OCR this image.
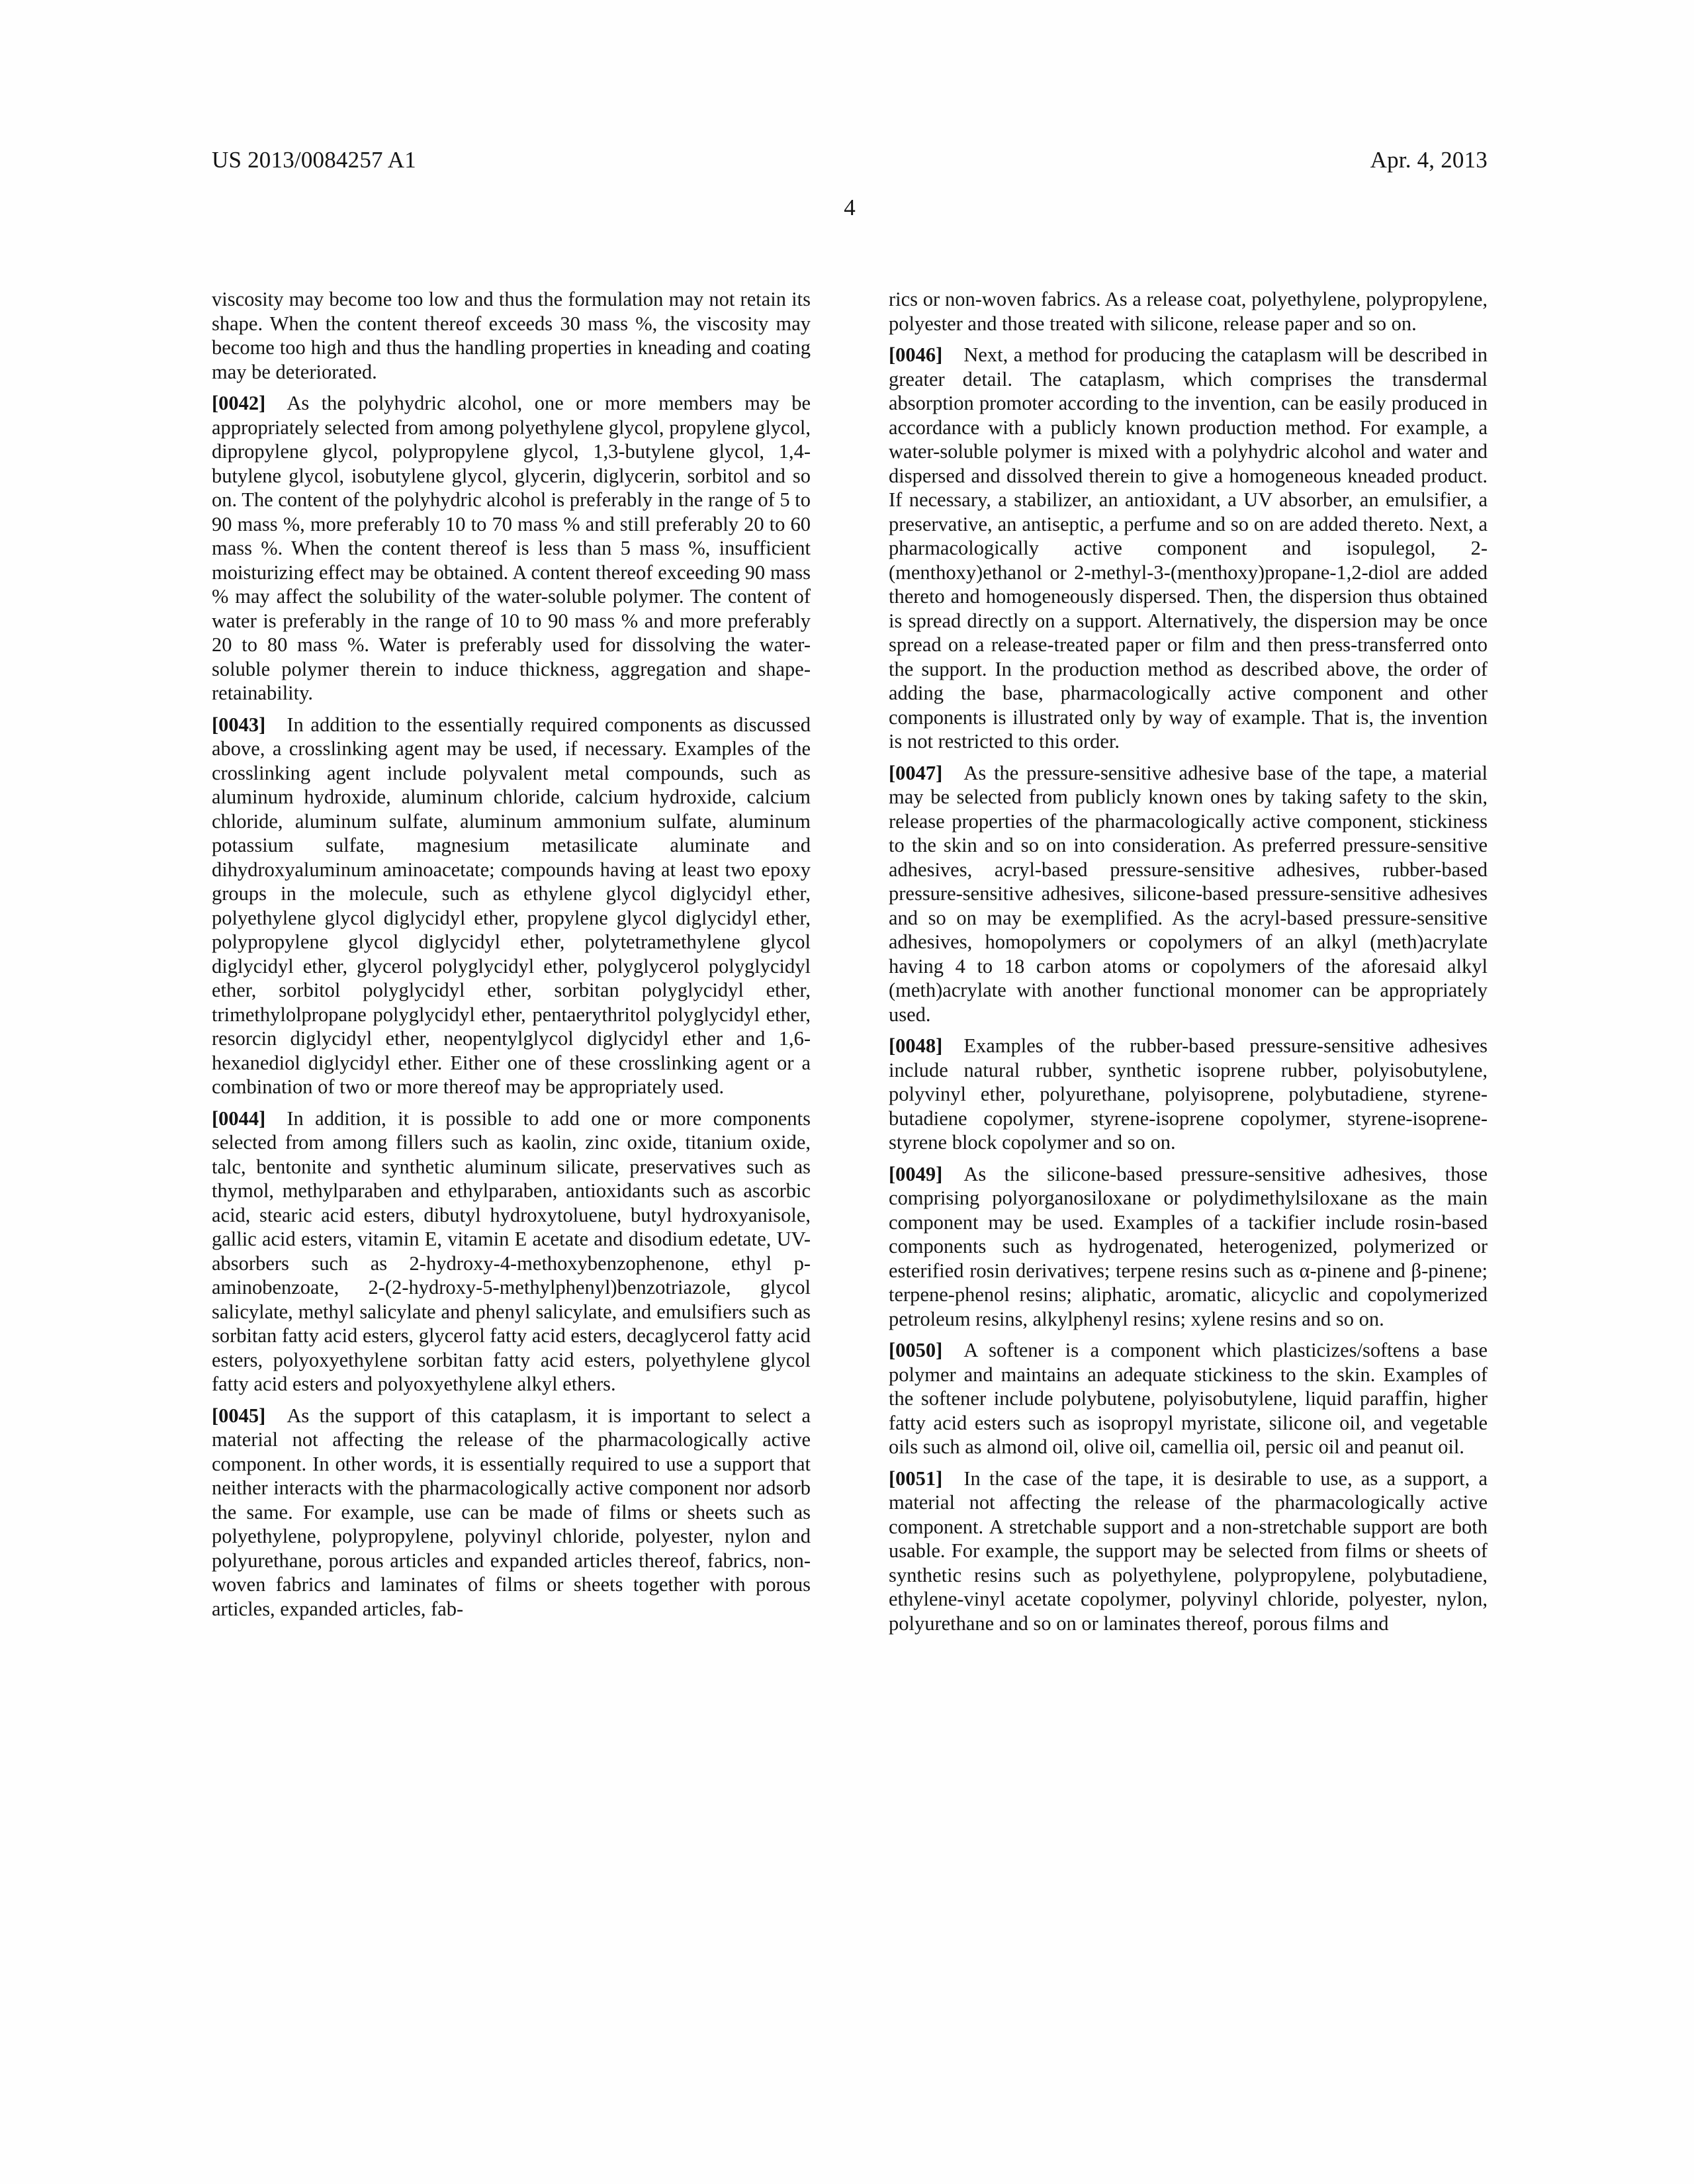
US 2013/0084257 A1	Apr. 4, 2013
4

viscosity may become too low and thus the formulation may not retain its shape. When the content thereof exceeds 30 mass %, the viscosity may become too high and thus the handling properties in kneading and coating may be deteriorated.

[0042] As the polyhydric alcohol, one or more members may be appropriately selected from among polyethylene glycol, propylene glycol, dipropylene glycol, polypropylene glycol, 1,3-butylene glycol, 1,4-butylene glycol, isobutylene glycol, glycerin, diglycerin, sorbitol and so on. The content of the polyhydric alcohol is preferably in the range of 5 to 90 mass %, more preferably 10 to 70 mass % and still preferably 20 to 60 mass %. When the content thereof is less than 5 mass %, insufficient moisturizing effect may be obtained. A content thereof exceeding 90 mass % may affect the solubility of the water-soluble polymer. The content of water is preferably in the range of 10 to 90 mass % and more preferably 20 to 80 mass %. Water is preferably used for dissolving the water-soluble polymer therein to induce thickness, aggregation and shape-retainability.

[0043] In addition to the essentially required components as discussed above, a crosslinking agent may be used, if necessary. Examples of the crosslinking agent include polyvalent metal compounds, such as aluminum hydroxide, aluminum chloride, calcium hydroxide, calcium chloride, aluminum sulfate, aluminum ammonium sulfate, aluminum potassium sulfate, magnesium metasilicate aluminate and dihydroxyaluminum aminoacetate; compounds having at least two epoxy groups in the molecule, such as ethylene glycol diglycidyl ether, polyethylene glycol diglycidyl ether, propylene glycol diglycidyl ether, polypropylene glycol diglycidyl ether, polytetramethylene glycol diglycidyl ether, glycerol polyglycidyl ether, polyglycerol polyglycidyl ether, sorbitol polyglycidyl ether, sorbitan polyglycidyl ether, trimethylolpropane polyglycidyl ether, pentaerythritol polyglycidyl ether, resorcin diglycidyl ether, neopentylglycol diglycidyl ether and 1,6-hexanediol diglycidyl ether. Either one of these crosslinking agent or a combination of two or more thereof may be appropriately used.

[0044] In addition, it is possible to add one or more components selected from among fillers such as kaolin, zinc oxide, titanium oxide, talc, bentonite and synthetic aluminum silicate, preservatives such as thymol, methylparaben and ethylparaben, antioxidants such as ascorbic acid, stearic acid esters, dibutyl hydroxytoluene, butyl hydroxyanisole, gallic acid esters, vitamin E, vitamin E acetate and disodium edetate, UV-absorbers such as 2-hydroxy-4-methoxybenzophenone, ethyl p-aminobenzoate, 2-(2-hydroxy-5-methylphenyl)benzotriazole, glycol salicylate, methyl salicylate and phenyl salicylate, and emulsifiers such as sorbitan fatty acid esters, glycerol fatty acid esters, decaglycerol fatty acid esters, polyoxyethylene sorbitan fatty acid esters, polyethylene glycol fatty acid esters and polyoxyethylene alkyl ethers.

[0045] As the support of this cataplasm, it is important to select a material not affecting the release of the pharmacologically active component. In other words, it is essentially required to use a support that neither interacts with the pharmacologically active component nor adsorb the same. For example, use can be made of films or sheets such as polyethylene, polypropylene, polyvinyl chloride, polyester, nylon and polyurethane, porous articles and expanded articles thereof, fabrics, non-woven fabrics and laminates of films or sheets together with porous articles, expanded articles, fab-

rics or non-woven fabrics. As a release coat, polyethylene, polypropylene, polyester and those treated with silicone, release paper and so on.

[0046] Next, a method for producing the cataplasm will be described in greater detail. The cataplasm, which comprises the transdermal absorption promoter according to the invention, can be easily produced in accordance with a publicly known production method. For example, a water-soluble polymer is mixed with a polyhydric alcohol and water and dispersed and dissolved therein to give a homogeneous kneaded product. If necessary, a stabilizer, an antioxidant, a UV absorber, an emulsifier, a preservative, an antiseptic, a perfume and so on are added thereto. Next, a pharmacologically active component and isopulegol, 2-(menthoxy)ethanol or 2-methyl-3-(menthoxy)propane-1,2-diol are added thereto and homogeneously dispersed. Then, the dispersion thus obtained is spread directly on a support. Alternatively, the dispersion may be once spread on a release-treated paper or film and then press-transferred onto the support. In the production method as described above, the order of adding the base, pharmacologically active component and other components is illustrated only by way of example. That is, the invention is not restricted to this order.

[0047] As the pressure-sensitive adhesive base of the tape, a material may be selected from publicly known ones by taking safety to the skin, release properties of the pharmacologically active component, stickiness to the skin and so on into consideration. As preferred pressure-sensitive adhesives, acryl-based pressure-sensitive adhesives, rubber-based pressure-sensitive adhesives, silicone-based pressure-sensitive adhesives and so on may be exemplified. As the acryl-based pressure-sensitive adhesives, homopolymers or copolymers of an alkyl (meth)acrylate having 4 to 18 carbon atoms or copolymers of the aforesaid alkyl (meth)acrylate with another functional monomer can be appropriately used.

[0048] Examples of the rubber-based pressure-sensitive adhesives include natural rubber, synthetic isoprene rubber, polyisobutylene, polyvinyl ether, polyurethane, polyisoprene, polybutadiene, styrene-butadiene copolymer, styrene-isoprene copolymer, styrene-isoprene-styrene block copolymer and so on.

[0049] As the silicone-based pressure-sensitive adhesives, those comprising polyorganosiloxane or polydimethylsiloxane as the main component may be used. Examples of a tackifier include rosin-based components such as hydrogenated, heterogenized, polymerized or esterified rosin derivatives; terpene resins such as α-pinene and β-pinene; terpene-phenol resins; aliphatic, aromatic, alicyclic and copolymerized petroleum resins, alkylphenyl resins; xylene resins and so on.

[0050] A softener is a component which plasticizes/softens a base polymer and maintains an adequate stickiness to the skin. Examples of the softener include polybutene, polyisobutylene, liquid paraffin, higher fatty acid esters such as isopropyl myristate, silicone oil, and vegetable oils such as almond oil, olive oil, camellia oil, persic oil and peanut oil.

[0051] In the case of the tape, it is desirable to use, as a support, a material not affecting the release of the pharmacologically active component. A stretchable support and a non-stretchable support are both usable. For example, the support may be selected from films or sheets of synthetic resins such as polyethylene, polypropylene, polybutadiene, ethylene-vinyl acetate copolymer, polyvinyl chloride, polyester, nylon, polyurethane and so on or laminates thereof, porous films and
